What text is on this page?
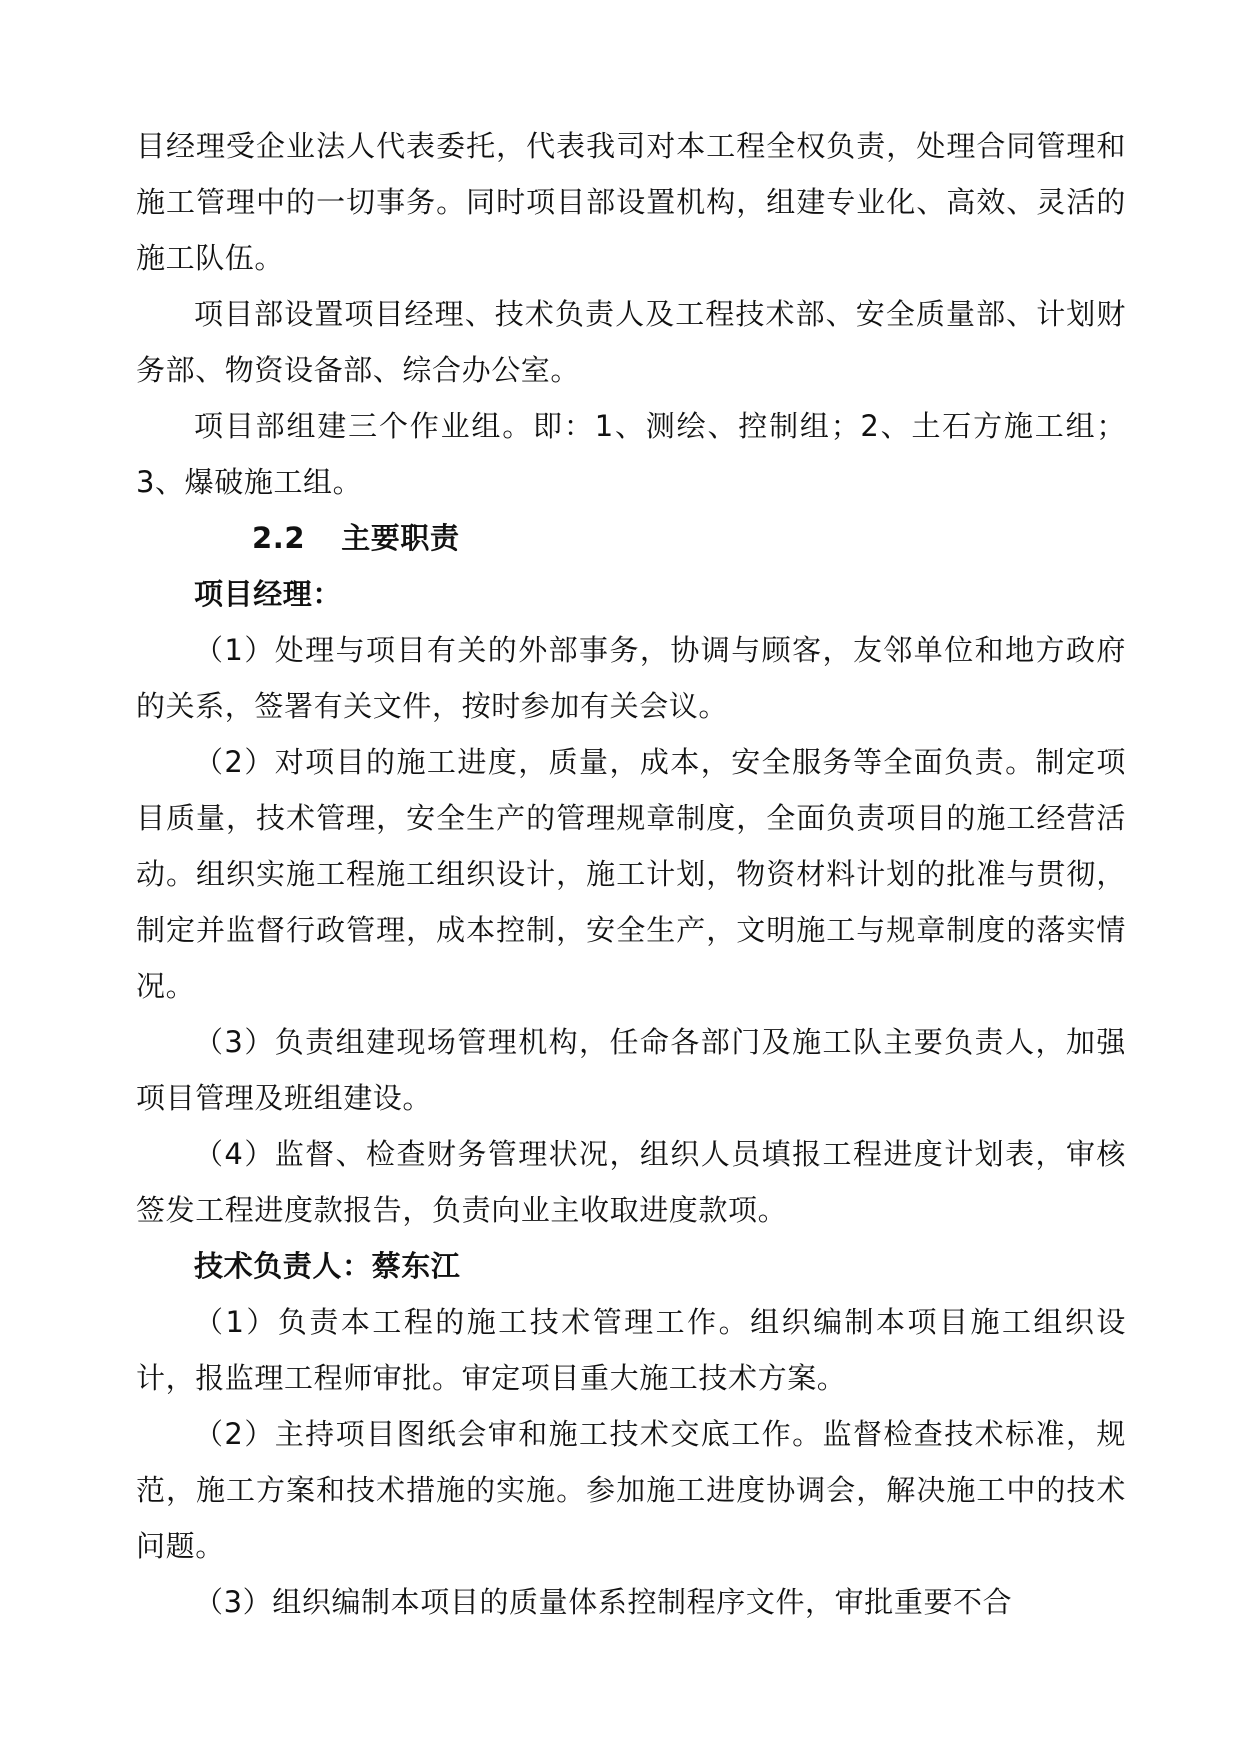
目经理受企业法人代表委托，代表我司对本工程全权负责，处理合同管理和施工管理中的一切事务。同时项目部设置机构，组建专业化、高效、灵活的施工队伍。

项目部设置项目经理、技术负责人及工程技术部、安全质量部、计划财务部、物资设备部、综合办公室。

项目部组建三个作业组。即：1、测绘、控制组；2、土石方施工组；3、爆破施工组。

2.2 主要职责

项目经理：

（1）处理与项目有关的外部事务，协调与顾客，友邻单位和地方政府的关系，签署有关文件，按时参加有关会议。

（2）对项目的施工进度，质量，成本，安全服务等全面负责。制定项目质量，技术管理，安全生产的管理规章制度，全面负责项目的施工经营活动。组织实施工程施工组织设计，施工计划，物资材料计划的批准与贯彻，制定并监督行政管理，成本控制，安全生产，文明施工与规章制度的落实情况。

（3）负责组建现场管理机构，任命各部门及施工队主要负责人，加强项目管理及班组建设。

（4）监督、检查财务管理状况，组织人员填报工程进度计划表，审核签发工程进度款报告，负责向业主收取进度款项。

技术负责人：蔡东江

（1）负责本工程的施工技术管理工作。组织编制本项目施工组织设计，报监理工程师审批。审定项目重大施工技术方案。

（2）主持项目图纸会审和施工技术交底工作。监督检查技术标准，规范，施工方案和技术措施的实施。参加施工进度协调会，解决施工中的技术问题。

（3）组织编制本项目的质量体系控制程序文件，审批重要不合
